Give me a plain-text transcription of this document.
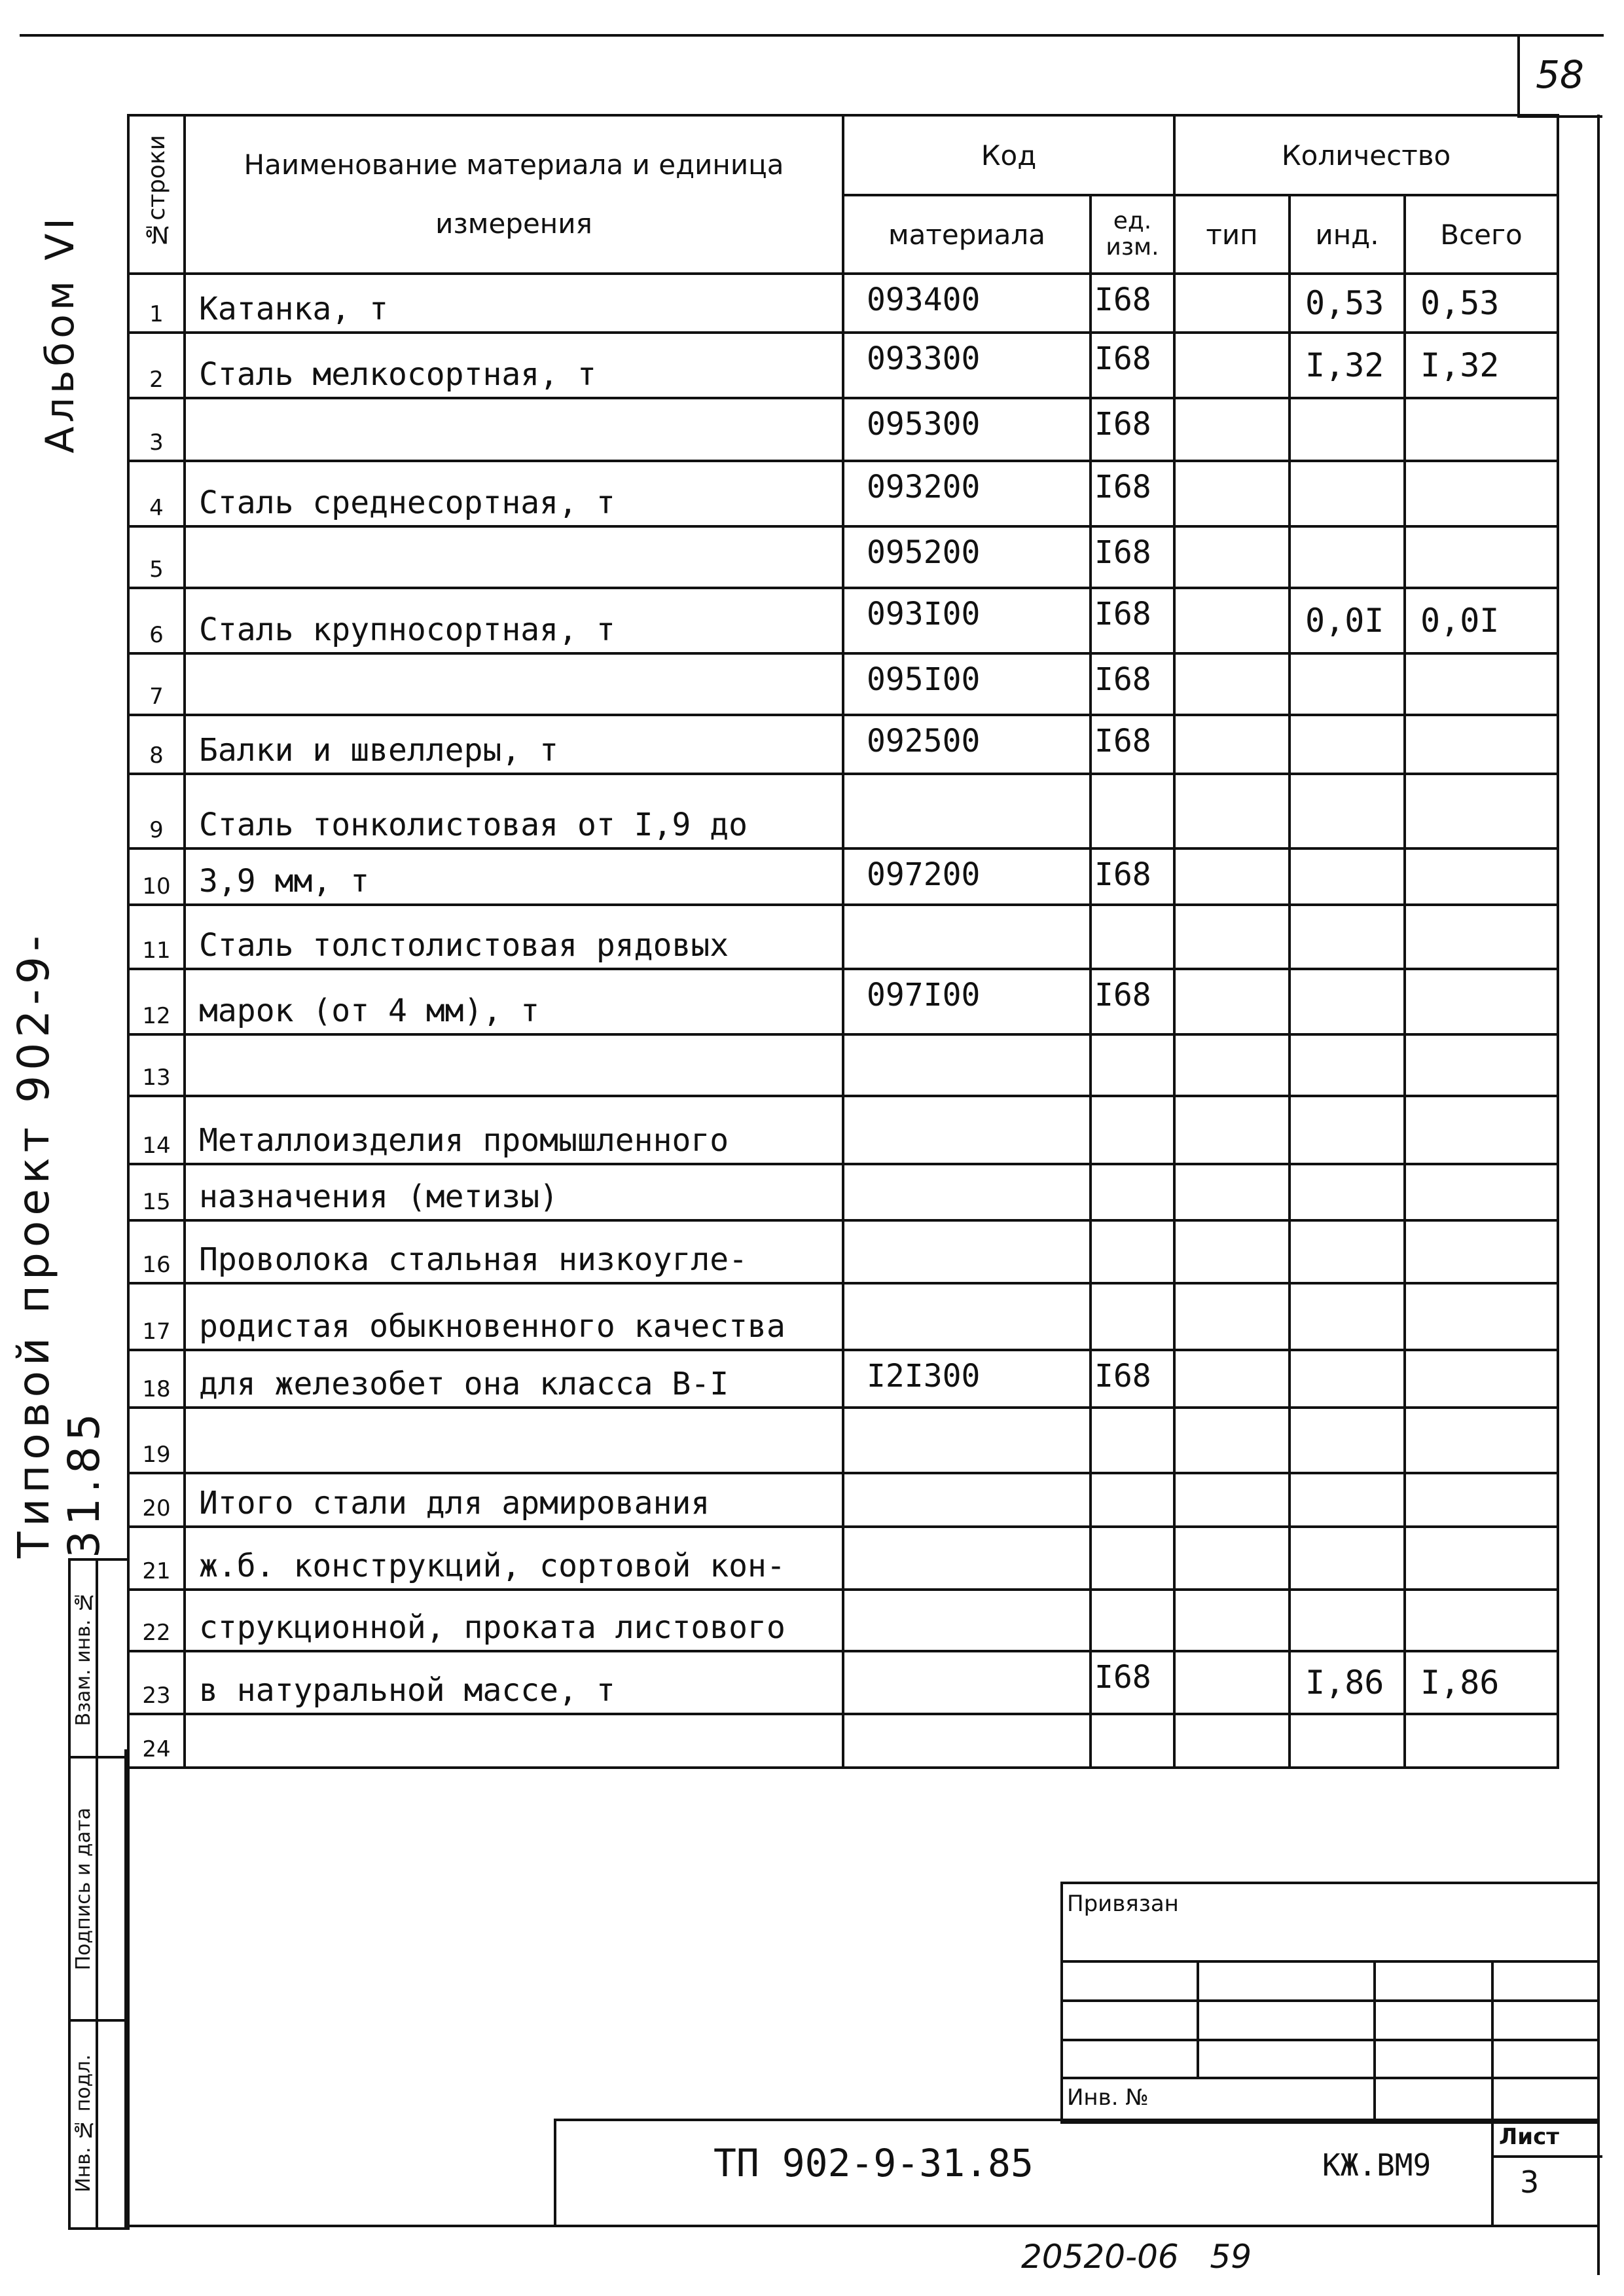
58
Альбом VI
Типовой проект 902-9-31.85
Взам. инв. №
Подпись и дата
Инв. № подл.
№строки	Наименование материала и единица измерения	Код		Количество		
		материала	ед. изм.	тип	инд.	Всего
1	Катанка, т	093400	I68		0,53	0,53
2	Сталь мелкосортная, т	093300	I68		I,32	I,32
3		095300	I68			
4	Сталь среднесортная, т	093200	I68			
5		095200	I68			
6	Сталь крупносортная, т	093I00	I68		0,0I	0,0I
7		095I00	I68			
8	Балки и швеллеры, т	092500	I68			
9	Сталь тонколистовая от I,9 до					
10	3,9 мм, т	097200	I68			
11	Сталь толстолистовая рядовых					
12	марок (от 4 мм), т	097I00	I68			
13						
14	Металлоизделия промышленного					
15	назначения (метизы)					
16	Проволока стальная низкоугле-					
17	родистая обыкновенного качества					
18	для железобет она класса В-I	I2I300	I68			
19						
20	Итого стали для армирования					
21	ж.б. конструкций, сортовой кон-					
22	струкционной, проката листового					
23	в натуральной массе, т		I68		I,86	I,86
24						
Привязан
Инв. №
ТП 902-9-31.85	КЖ.ВМ9
Лист
3
20520-06   59
